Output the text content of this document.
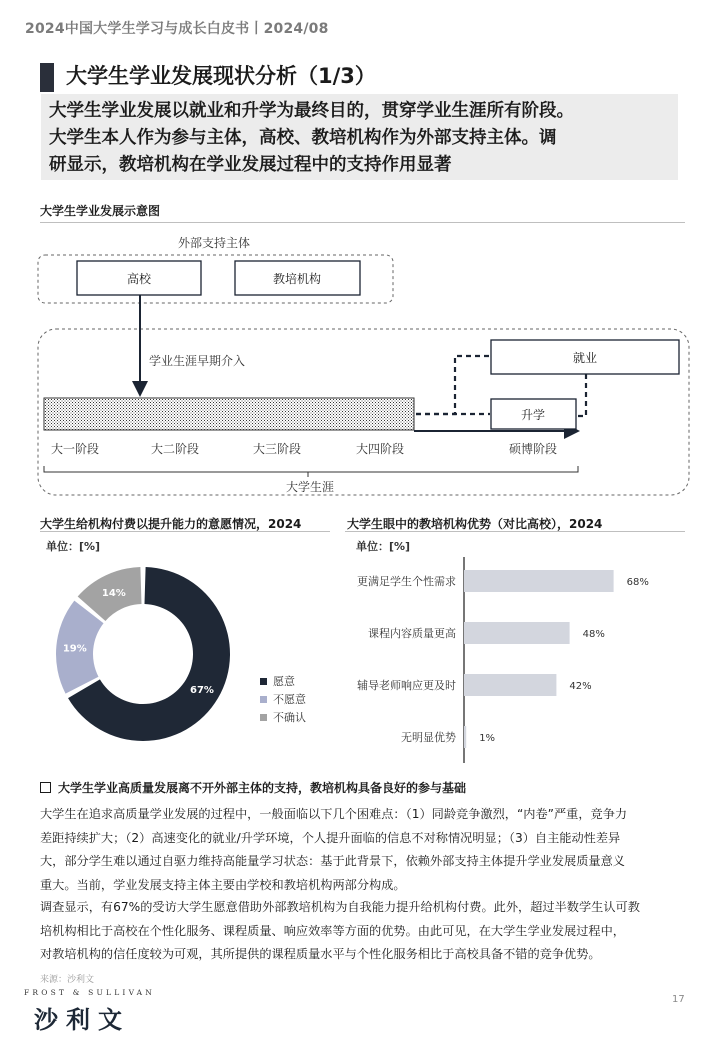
2024中国大学生学习与成长白皮书丨2024/08
大学生学业发展现状分析（1/3）
大学生学业发展以就业和升学为最终目的，贯穿学业生涯所有阶段。
大学生本人作为参与主体，高校、教培机构作为外部支持主体。调
研显示，教培机构在学业发展过程中的支持作用显著
大学生学业发展示意图
外部支持主体
高校	教培机构
学业生涯早期介入	就业
升学
大一阶段	大二阶段	大三阶段	大四阶段	硕博阶段
大学生涯
大学生给机构付费以提升能力的意愿情况，2024
单位：[%]
67%
19%
14%
愿意
不愿意
不确认
大学生眼中的教培机构优势（对比高校），2024
单位：[%]
更满足学生个性需求	68%
课程内容质量更高	48%
辅导老师响应更及时	42%
无明显优势 1%
大学生学业高质量发展离不开外部主体的支持，教培机构具备良好的参与基础
大学生在追求高质量学业发展的过程中，一般面临以下几个困难点：（1）同龄竞争激烈，“内卷”严重，竞争力
差距持续扩大；（2）高速变化的就业/升学环境，个人提升面临的信息不对称情况明显；（3）自主能动性差异
大，部分学生难以通过自驱力维持高能量学习状态：基于此背景下，依赖外部支持主体提升学业发展质量意义
重大。当前，学业发展支持主体主要由学校和教培机构两部分构成。
调查显示，有67%的受访大学生愿意借助外部教培机构为自我能力提升给机构付费。此外，超过半数学生认可教
培机构相比于高校在个性化服务、课程质量、响应效率等方面的优势。由此可见，在大学生学业发展过程中，
对教培机构的信任度较为可观，其所提供的课程质量水平与个性化服务相比于高校具备不错的竞争优势。
来源：沙利文
FROST & SULLIVAN
沙利文
17
